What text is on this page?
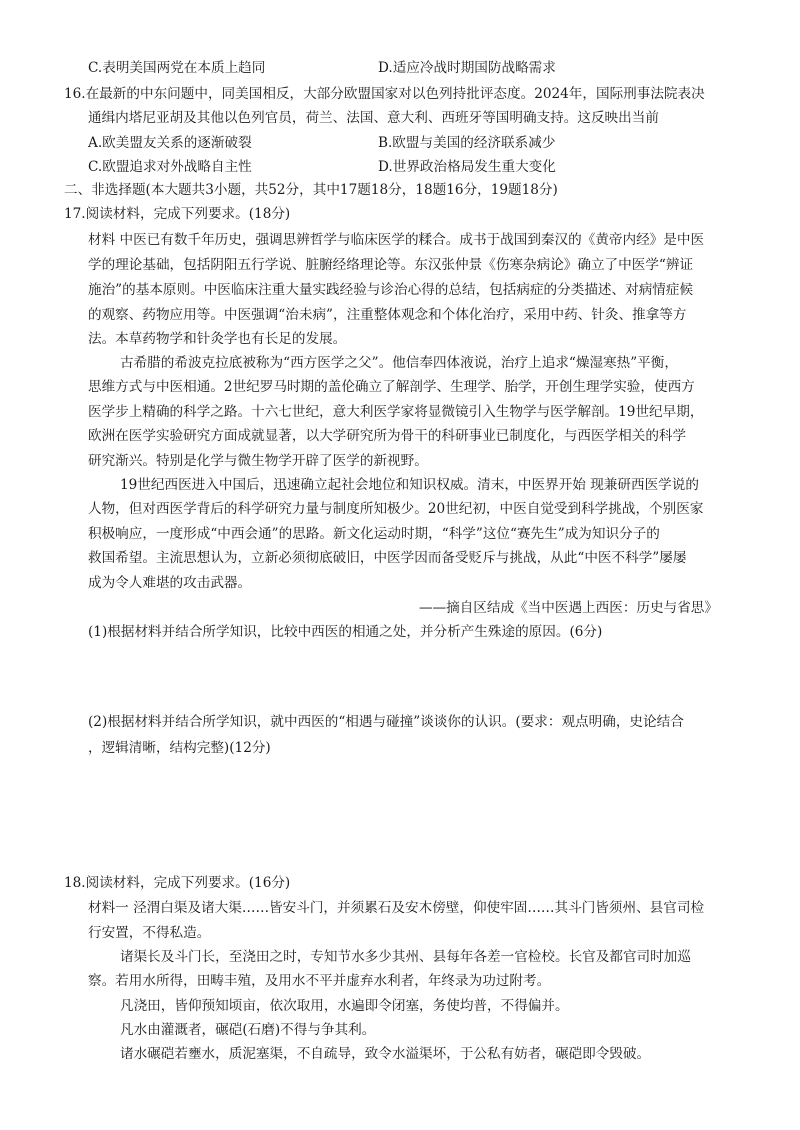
C.表明美国两党在本质上趋同	D.适应冷战时期国防战略需求
16.在最新的中东问题中，同美国相反，大部分欧盟国家对以色列持批评态度。2024年，国际刑事法院表决
通缉内塔尼亚胡及其他以色列官员，荷兰、法国、意大利、西班牙等国明确支持。这反映出当前
A.欧美盟友关系的逐渐破裂	B.欧盟与美国的经济联系减少
C.欧盟追求对外战略自主性	D.世界政治格局发生重大变化
二、非选择题(本大题共3小题，共52分，其中17题18分，18题16分，19题18分)
17.阅读材料，完成下列要求。(18分)
材料 中医已有数千年历史，强调思辨哲学与临床医学的糅合。成书于战国到秦汉的《黄帝内经》是中医
学的理论基础，包括阴阳五行学说、脏腑经络理论等。东汉张仲景《伤寒杂病论》确立了中医学“辨证
施治”的基本原则。中医临床注重大量实践经验与诊治心得的总结，包括病症的分类描述、对病情症候
的观察、药物应用等。中医强调“治未病”，注重整体观念和个体化治疗，采用中药、针灸、推拿等方
法。本草药物学和针灸学也有长足的发展。
古希腊的希波克拉底被称为“西方医学之父”。他信奉四体液说，治疗上追求“燥湿寒热”平衡，
思维方式与中医相通。2世纪罗马时期的盖伦确立了解剖学、生理学、胎学，开创生理学实验，使西方
医学步上精确的科学之路。十六七世纪，意大利医学家将显微镜引入生物学与医学解剖。19世纪早期，
欧洲在医学实验研究方面成就显著，以大学研究所为骨干的科研事业已制度化，与西医学相关的科学
研究渐兴。特别是化学与微生物学开辟了医学的新视野。
19世纪西医进入中国后，迅速确立起社会地位和知识权威。清末，中医界开始 现兼研西医学说的
人物，但对西医学背后的科学研究力量与制度所知极少。20世纪初，中医自觉受到科学挑战，个别医家
积极响应，一度形成“中西会通”的思路。新文化运动时期，“科学”这位“赛先生”成为知识分子的
救国希望。主流思想认为，立新必须彻底破旧，中医学因而备受贬斥与挑战，从此“中医不科学”屡屡
成为令人难堪的攻击武器。
——摘自区结成《当中医遇上西医：历史与省思》
(1)根据材料并结合所学知识，比较中西医的相通之处，并分析产生殊途的原因。(6分)
(2)根据材料并结合所学知识，就中西医的“相遇与碰撞”谈谈你的认识。(要求：观点明确，史论结合
，逻辑清晰，结构完整)(12分)
18.阅读材料，完成下列要求。(16分)
材料一 泾渭白渠及诸大渠……皆安斗门，并须累石及安木傍壁，仰使牢固……其斗门皆须州、县官司检
行安置，不得私造。
诸渠长及斗门长，至浇田之时，专知节水多少其州、县每年各差一官检校。长官及都官司时加巡
察。若用水所得，田畴丰殖，及用水不平并虚弃水利者，年终录为功过附考。
凡浇田，皆仰预知顷亩，依次取用，水遍即令闭塞，务使均普，不得偏并。
凡水由灌溉者，碾硙(石磨)不得与争其利。
诸水碾硙若壅水，质泥塞渠，不自疏导，致令水溢渠坏，于公私有妨者，碾硙即令毁破。
